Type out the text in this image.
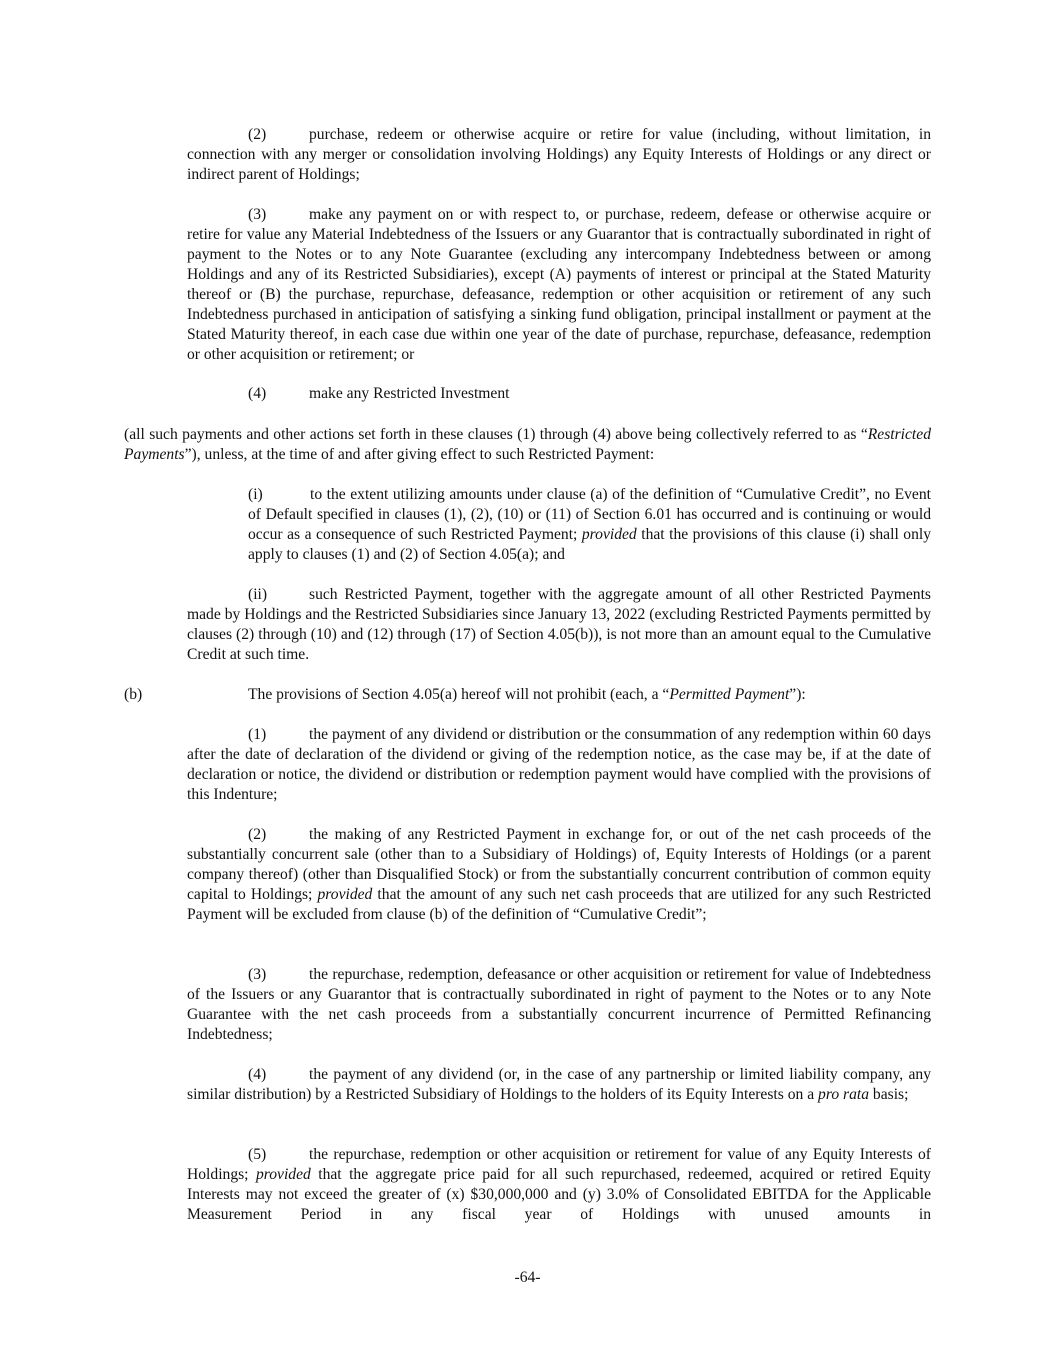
(2)	purchase, redeem or otherwise acquire or retire for value (including, without limitation, in connection with any merger or consolidation involving Holdings) any Equity Interests of Holdings or any direct or indirect parent of Holdings;

(3)	make any payment on or with respect to, or purchase, redeem, defease or otherwise acquire or retire for value any Material Indebtedness of the Issuers or any Guarantor that is contractually subordinated in right of payment to the Notes or to any Note Guarantee (excluding any intercompany Indebtedness between or among Holdings and any of its Restricted Subsidiaries), except (A) payments of interest or principal at the Stated Maturity thereof or (B) the purchase, repurchase, defeasance, redemption or other acquisition or retirement of any such Indebtedness purchased in anticipation of satisfying a sinking fund obligation, principal installment or payment at the Stated Maturity thereof, in each case due within one year of the date of purchase, repurchase, defeasance, redemption or other acquisition or retirement; or

(4)	make any Restricted Investment

(all such payments and other actions set forth in these clauses (1) through (4) above being collectively referred to as “Restricted Payments”), unless, at the time of and after giving effect to such Restricted Payment:

(i)	to the extent utilizing amounts under clause (a) of the definition of “Cumulative Credit”, no Event of Default specified in clauses (1), (2), (10) or (11) of Section 6.01 has occurred and is continuing or would occur as a consequence of such Restricted Payment; provided that the provisions of this clause (i) shall only apply to clauses (1) and (2) of Section 4.05(a); and

(ii)	such Restricted Payment, together with the aggregate amount of all other Restricted Payments made by Holdings and the Restricted Subsidiaries since January 13, 2022 (excluding Restricted Payments permitted by clauses (2) through (10) and (12) through (17) of Section 4.05(b)), is not more than an amount equal to the Cumulative Credit at such time.

(b)	The provisions of Section 4.05(a) hereof will not prohibit (each, a “Permitted Payment”):

(1)	the payment of any dividend or distribution or the consummation of any redemption within 60 days after the date of declaration of the dividend or giving of the redemption notice, as the case may be, if at the date of declaration or notice, the dividend or distribution or redemption payment would have complied with the provisions of this Indenture;

(2)	the making of any Restricted Payment in exchange for, or out of the net cash proceeds of the substantially concurrent sale (other than to a Subsidiary of Holdings) of, Equity Interests of Holdings (or a parent company thereof) (other than Disqualified Stock) or from the substantially concurrent contribution of common equity capital to Holdings; provided that the amount of any such net cash proceeds that are utilized for any such Restricted Payment will be excluded from clause (b) of the definition of “Cumulative Credit”;

(3)	the repurchase, redemption, defeasance or other acquisition or retirement for value of Indebtedness of the Issuers or any Guarantor that is contractually subordinated in right of payment to the Notes or to any Note Guarantee with the net cash proceeds from a substantially concurrent incurrence of Permitted Refinancing Indebtedness;

(4)	the payment of any dividend (or, in the case of any partnership or limited liability company, any similar distribution) by a Restricted Subsidiary of Holdings to the holders of its Equity Interests on a pro rata basis;

(5)	the repurchase, redemption or other acquisition or retirement for value of any Equity Interests of Holdings; provided that the aggregate price paid for all such repurchased, redeemed, acquired or retired Equity Interests may not exceed the greater of (x) $30,000,000 and (y) 3.0% of Consolidated EBITDA for the Applicable Measurement Period in any fiscal year of Holdings with unused amounts in

-64-
